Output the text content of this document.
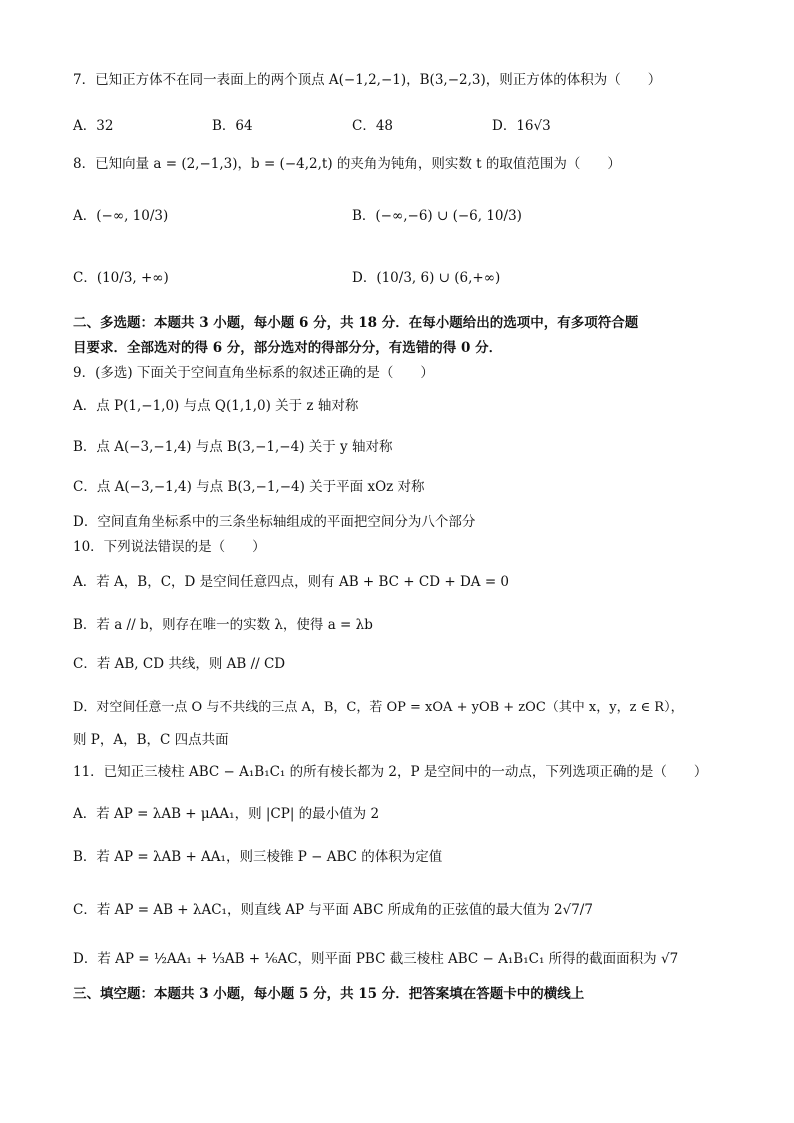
7．已知正方体不在同一表面上的两个顶点 A(−1,2,−1)，B(3,−2,3)，则正方体的体积为（　　）
A．32	B．64	C．48	D．16√3
8．已知向量 a = (2,−1,3)，b = (−4,2,t) 的夹角为钝角，则实数 t 的取值范围为（　　）
A．(−∞, 10/3)	B．(−∞,−6) ∪ (−6, 10/3)
C．(10/3, +∞)	D．(10/3, 6) ∪ (6,+∞)
二、多选题：本题共 3 小题，每小题 6 分，共 18 分．在每小题给出的选项中，有多项符合题
目要求．全部选对的得 6 分，部分选对的得部分分，有选错的得 0 分．
9．(多选) 下面关于空间直角坐标系的叙述正确的是（　　）
A．点 P(1,−1,0) 与点 Q(1,1,0) 关于 z 轴对称
B．点 A(−3,−1,4) 与点 B(3,−1,−4) 关于 y 轴对称
C．点 A(−3,−1,4) 与点 B(3,−1,−4) 关于平面 xOz 对称
D．空间直角坐标系中的三条坐标轴组成的平面把空间分为八个部分
10．下列说法错误的是（　　）
A．若 A，B，C，D 是空间任意四点，则有 AB + BC + CD + DA = 0
B．若 a // b，则存在唯一的实数 λ，使得 a = λb
C．若 AB, CD 共线，则 AB // CD
D．对空间任意一点 O 与不共线的三点 A，B，C，若 OP = xOA + yOB + zOC（其中 x，y，z ∈ R），
则 P，A，B，C 四点共面
11．已知正三棱柱 ABC − A₁B₁C₁ 的所有棱长都为 2，P 是空间中的一动点，下列选项正确的是（　　）
A．若 AP = λAB + μAA₁，则 |CP| 的最小值为 2
B．若 AP = λAB + AA₁，则三棱锥 P − ABC 的体积为定值
C．若 AP = AB + λAC₁，则直线 AP 与平面 ABC 所成角的正弦值的最大值为 2√7/7
D．若 AP = ½AA₁ + ⅓AB + ⅙AC，则平面 PBC 截三棱柱 ABC − A₁B₁C₁ 所得的截面面积为 √7
三、填空题：本题共 3 小题，每小题 5 分，共 15 分．把答案填在答题卡中的横线上
